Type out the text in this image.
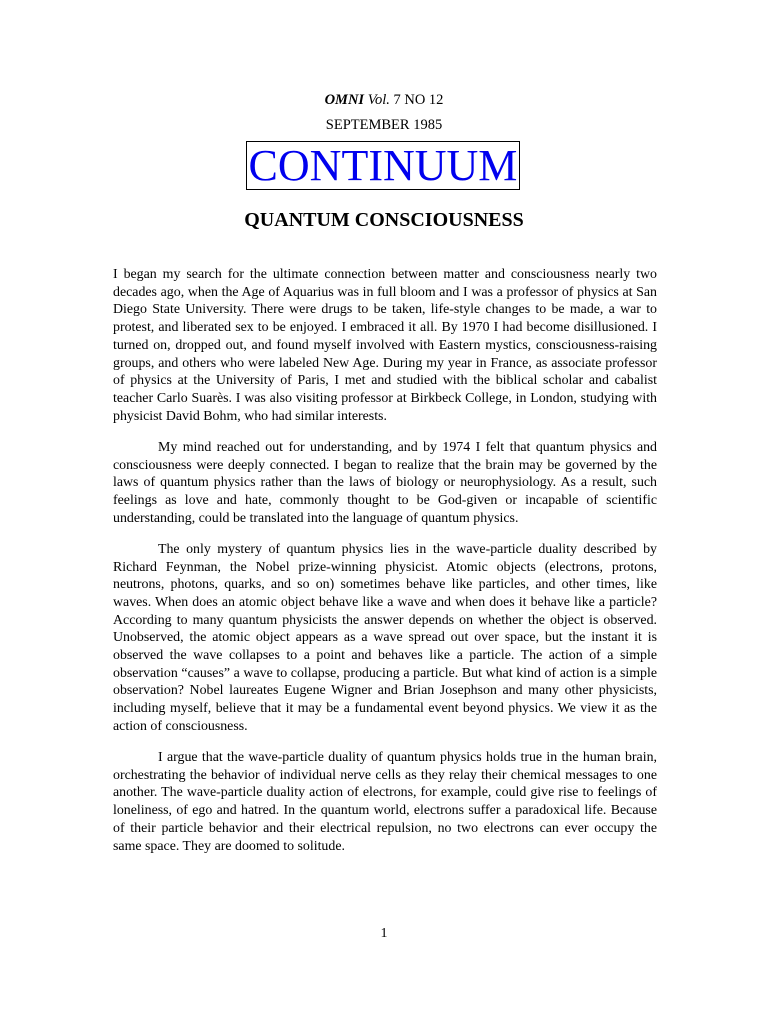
OMNI Vol. 7 NO 12
SEPTEMBER 1985
CONTINUUM
QUANTUM CONSCIOUSNESS

I began my search for the ultimate connection between matter and consciousness nearly two decades ago, when the Age of Aquarius was in full bloom and I was a professor of physics at San Diego State University. There were drugs to be taken, life-style changes to be made, a war to protest, and liberated sex to be enjoyed. I embraced it all. By 1970 I had become disillusioned. I turned on, dropped out, and found myself involved with Eastern mystics, consciousness-raising groups, and others who were labeled New Age. During my year in France, as associate professor of physics at the University of Paris, I met and studied with the biblical scholar and cabalist teacher Carlo Suarès. I was also visiting professor at Birkbeck College, in London, studying with physicist David Bohm, who had similar interests.

My mind reached out for understanding, and by 1974 I felt that quantum physics and consciousness were deeply connected. I began to realize that the brain may be governed by the laws of quantum physics rather than the laws of biology or neurophysiology. As a result, such feelings as love and hate, commonly thought to be God-given or incapable of scientific understanding, could be translated into the language of quantum physics.

The only mystery of quantum physics lies in the wave-particle duality described by Richard Feynman, the Nobel prize-winning physicist. Atomic objects (electrons, protons, neutrons, photons, quarks, and so on) sometimes behave like particles, and other times, like waves. When does an atomic object behave like a wave and when does it behave like a particle? According to many quantum physicists the answer depends on whether the object is observed. Unobserved, the atomic object appears as a wave spread out over space, but the instant it is observed the wave collapses to a point and behaves like a particle. The action of a simple observation “causes” a wave to collapse, producing a particle. But what kind of action is a simple observation? Nobel laureates Eugene Wigner and Brian Josephson and many other physicists, including myself, believe that it may be a fundamental event beyond physics. We view it as the action of consciousness.

I argue that the wave-particle duality of quantum physics holds true in the human brain, orchestrating the behavior of individual nerve cells as they relay their chemical messages to one another. The wave-particle duality action of electrons, for example, could give rise to feelings of loneliness, of ego and hatred. In the quantum world, electrons suffer a paradoxical life. Because of their particle behavior and their electrical repulsion, no two electrons can ever occupy the same space. They are doomed to solitude.

1
